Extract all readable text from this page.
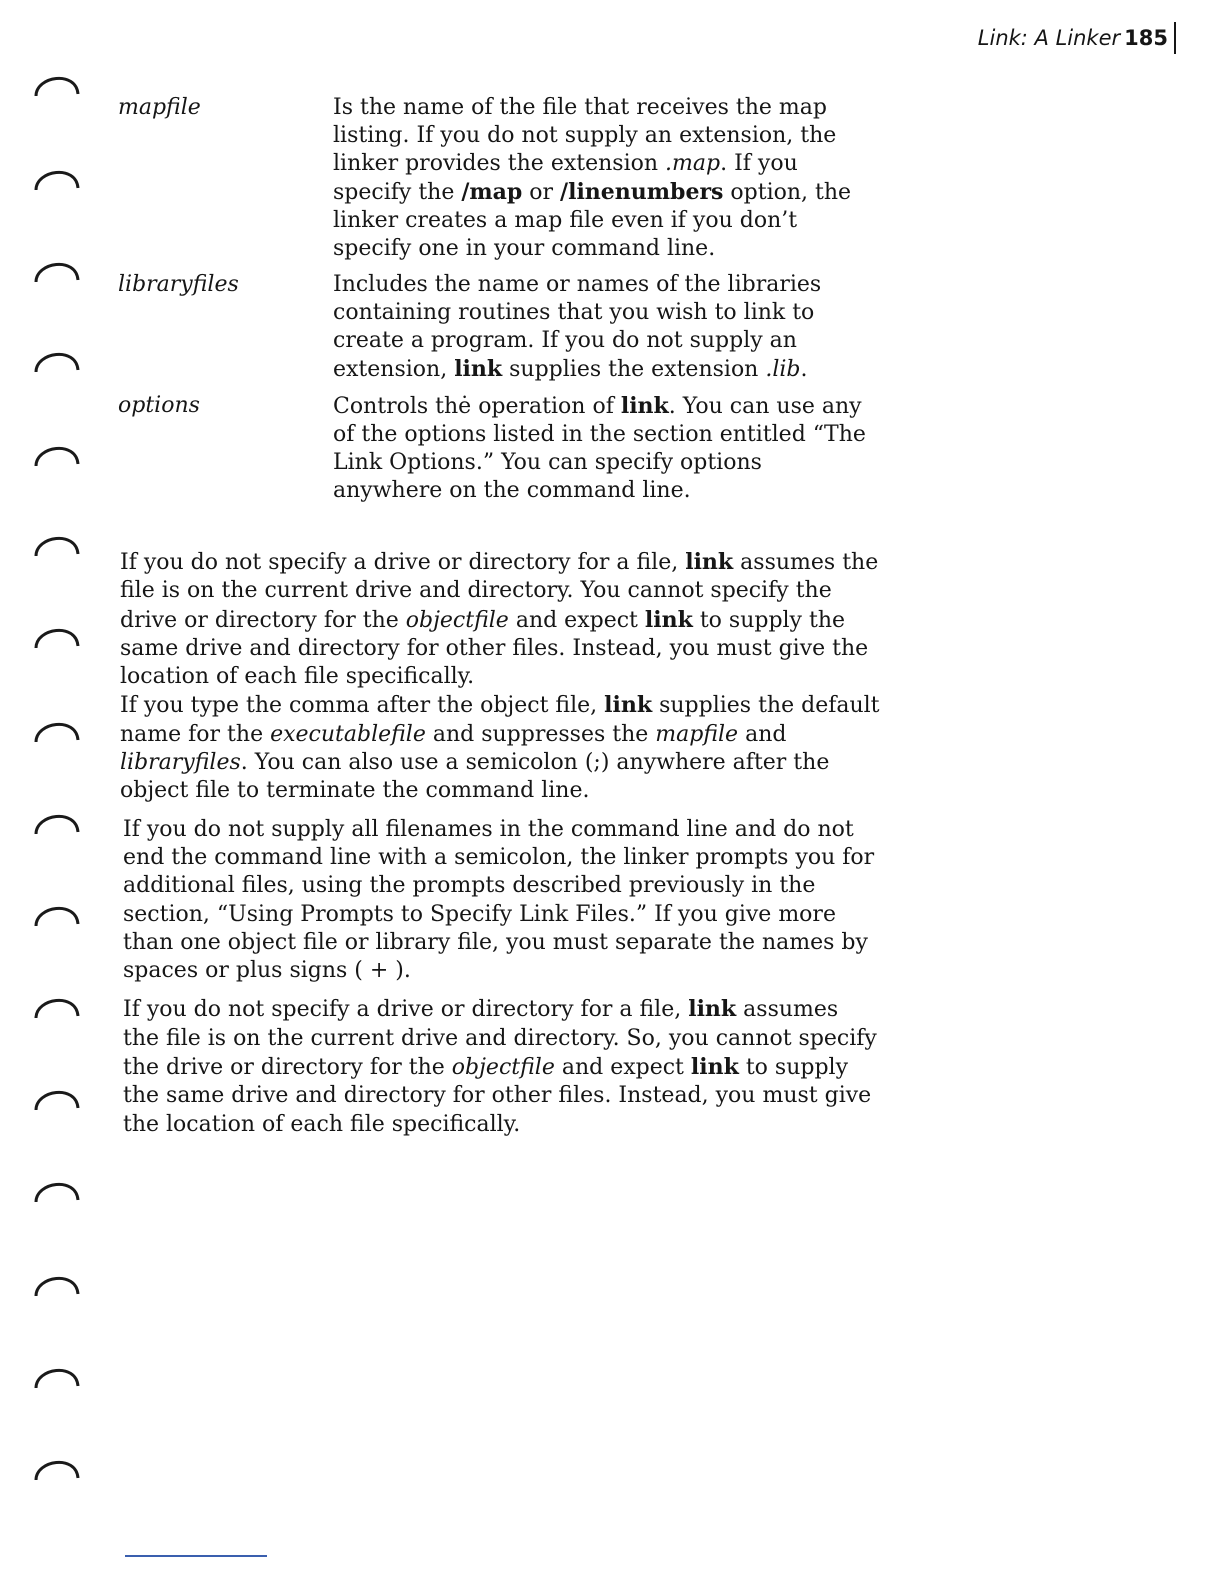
Link: A Linker 185
mapfile	Is the name of the file that receives the map listing. If you do not supply an extension, the linker provides the extension .map. If you specify the /map or /linenumbers option, the linker creates a map file even if you don’t specify one in your command line.
libraryfiles	Includes the name or names of the libraries containing routines that you wish to link to create a program. If you do not supply an extension, link supplies the extension .lib.
options	Controls thė operation of link. You can use any of the options listed in the section entitled “The Link Options.” You can specify options anywhere on the command line.

If you do not specify a drive or directory for a file, link assumes the file is on the current drive and directory. You cannot specify the drive or directory for the objectfile and expect link to supply the same drive and directory for other files. Instead, you must give the location of each file specifically.

If you type the comma after the object file, link supplies the default name for the executablefile and suppresses the mapfile and libraryfiles. You can also use a semicolon (;) anywhere after the object file to terminate the command line.

If you do not supply all filenames in the command line and do not end the command line with a semicolon, the linker prompts you for additional files, using the prompts described previously in the section, “Using Prompts to Specify Link Files.” If you give more than one object file or library file, you must separate the names by spaces or plus signs ( + ).

If you do not specify a drive or directory for a file, link assumes the file is on the current drive and directory. So, you cannot specify the drive or directory for the objectfile and expect link to supply the same drive and directory for other files. Instead, you must give the location of each file specifically.
